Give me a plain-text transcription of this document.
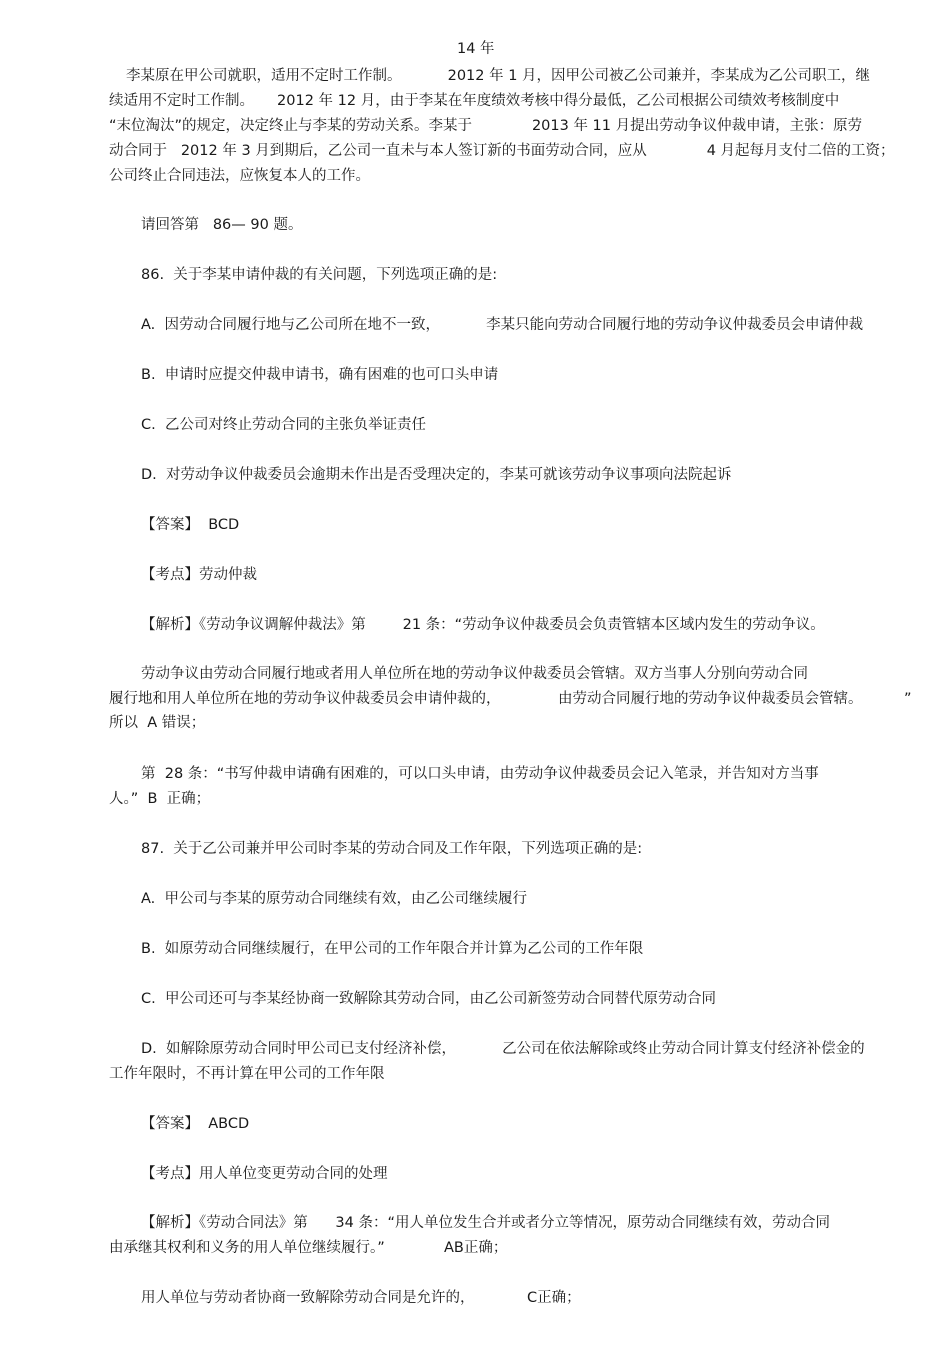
14 年
李某原在甲公司就职，适用不定时工作制。          2012 年 1 月，因甲公司被乙公司兼并，李某成为乙公司职工，继
续适用不定时工作制。     2012 年 12 月，由于李某在年度绩效考核中得分最低，乙公司根据公司绩效考核制度中
“末位淘汰”的规定，决定终止与李某的劳动关系。李某于             2013 年 11 月提出劳动争议仲裁申请，主张：原劳
动合同于   2012 年 3 月到期后，乙公司一直未与本人签订新的书面劳动合同，应从             4 月起每月支付二倍的工资；
公司终止合同违法，应恢复本人的工作。
请回答第   86— 90 题。
86.  关于李某申请仲裁的有关问题，下列选项正确的是:
A.  因劳动合同履行地与乙公司所在地不一致，          李某只能向劳动合同履行地的劳动争议仲裁委员会申请仲裁
B.  申请时应提交仲裁申请书，确有困难的也可口头申请
C.  乙公司对终止劳动合同的主张负举证责任
D.  对劳动争议仲裁委员会逾期未作出是否受理决定的，李某可就该劳动争议事项向法院起诉
【答案】  BCD
【考点】劳动仲裁
【解析】《劳动争议调解仲裁法》第        21 条：“劳动争议仲裁委员会负责管辖本区域内发生的劳动争议。
劳动争议由劳动合同履行地或者用人单位所在地的劳动争议仲裁委员会管辖。双方当事人分别向劳动合同
履行地和用人单位所在地的劳动争议仲裁委员会申请仲裁的，	由劳动合同履行地的劳动争议仲裁委员会管辖。	”
所以  A 错误；
第  28 条：“书写仲裁申请确有困难的，可以口头申请，由劳动争议仲裁委员会记入笔录，并告知对方当事
人。”  B  正确；
87.  关于乙公司兼并甲公司时李某的劳动合同及工作年限，下列选项正确的是:
A.  甲公司与李某的原劳动合同继续有效，由乙公司继续履行
B.  如原劳动合同继续履行，在甲公司的工作年限合并计算为乙公司的工作年限
C.  甲公司还可与李某经协商一致解除其劳动合同，由乙公司新签劳动合同替代原劳动合同
D.  如解除原劳动合同时甲公司已支付经济补偿，          乙公司在依法解除或终止劳动合同计算支付经济补偿金的
工作年限时，不再计算在甲公司的工作年限
【答案】  ABCD
【考点】用人单位变更劳动合同的处理
【解析】《劳动合同法》第      34 条：“用人单位发生合并或者分立等情况，原劳动合同继续有效，劳动合同
由承继其权利和义务的用人单位继续履行。”	AB正确；
用人单位与劳动者协商一致解除劳动合同是允许的，	C正确；
